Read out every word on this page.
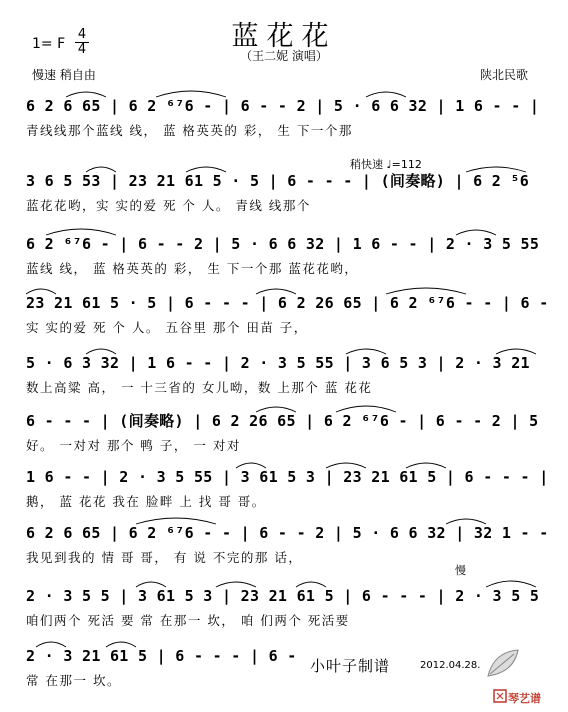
蓝花花
（王二妮 演唱）
1= F
4
4
慢速 稍自由	陕北民歌
稍快速 ♩=112
慢
6 2 6 65 | 6 2 ⁶⁷6 - | 6 - - 2 | 5 · 6 6 32 | 1 6 - - |
青线线那个蓝线 线， 蓝 格英英的 彩， 生 下一个那
3 6 5 53 | 23 21 61 5 · 5 | 6 - - - | (间奏略) | 6 2 ⁵6
蓝花花哟，实 实的爱 死 个 人。 青线 线那个
6 2 ⁶⁷6 - | 6 - - 2 | 5 · 6 6 32 | 1 6 - - | 2 · 3 5 55
蓝线 线， 蓝 格英英的 彩， 生 下一个那 蓝花花哟，
23 21 61 5 · 5 | 6 - - - | 6 2 26 65 | 6 2 ⁶⁷6 - - | 6 -
实 实的爱 死 个 人。 五谷里 那个 田苗 子，
5 · 6 3 32 | 1 6 - - | 2 · 3 5 55 | 3 6 5 3 | 2 · 3 21
数上高粱 高， 一 十三省的 女儿呦，数 上那个 蓝 花花
6 - - - | (间奏略) | 6 2 26 65 | 6 2 ⁶⁷6 - | 6 - - 2 | 5
好。 一对对 那个 鸭 子， 一 对对
1 6 - - | 2 · 3 5 55 | 3 61 5 3 | 23 21 61 5 | 6 - - - |
鹅， 蓝 花花 我在 脸畔 上 找 哥 哥。
6 2 6 65 | 6 2 ⁶⁷6 - - | 6 - - 2 | 5 · 6 6 32 | 32 1 - -
我见到我的 情 哥 哥， 有 说 不完的那 话，
2 · 3 5 5 | 3 61 5 3 | 23 21 61 5 | 6 - - - | 2 · 3 5 5
咱们两个 死活 要 常 在那一 坎， 咱 们两个 死活要
2 · 3 21 61 5 | 6 - - - | 6 -
常 在那一 坎。
小叶子制谱	2012.04.28.
琴艺谱
